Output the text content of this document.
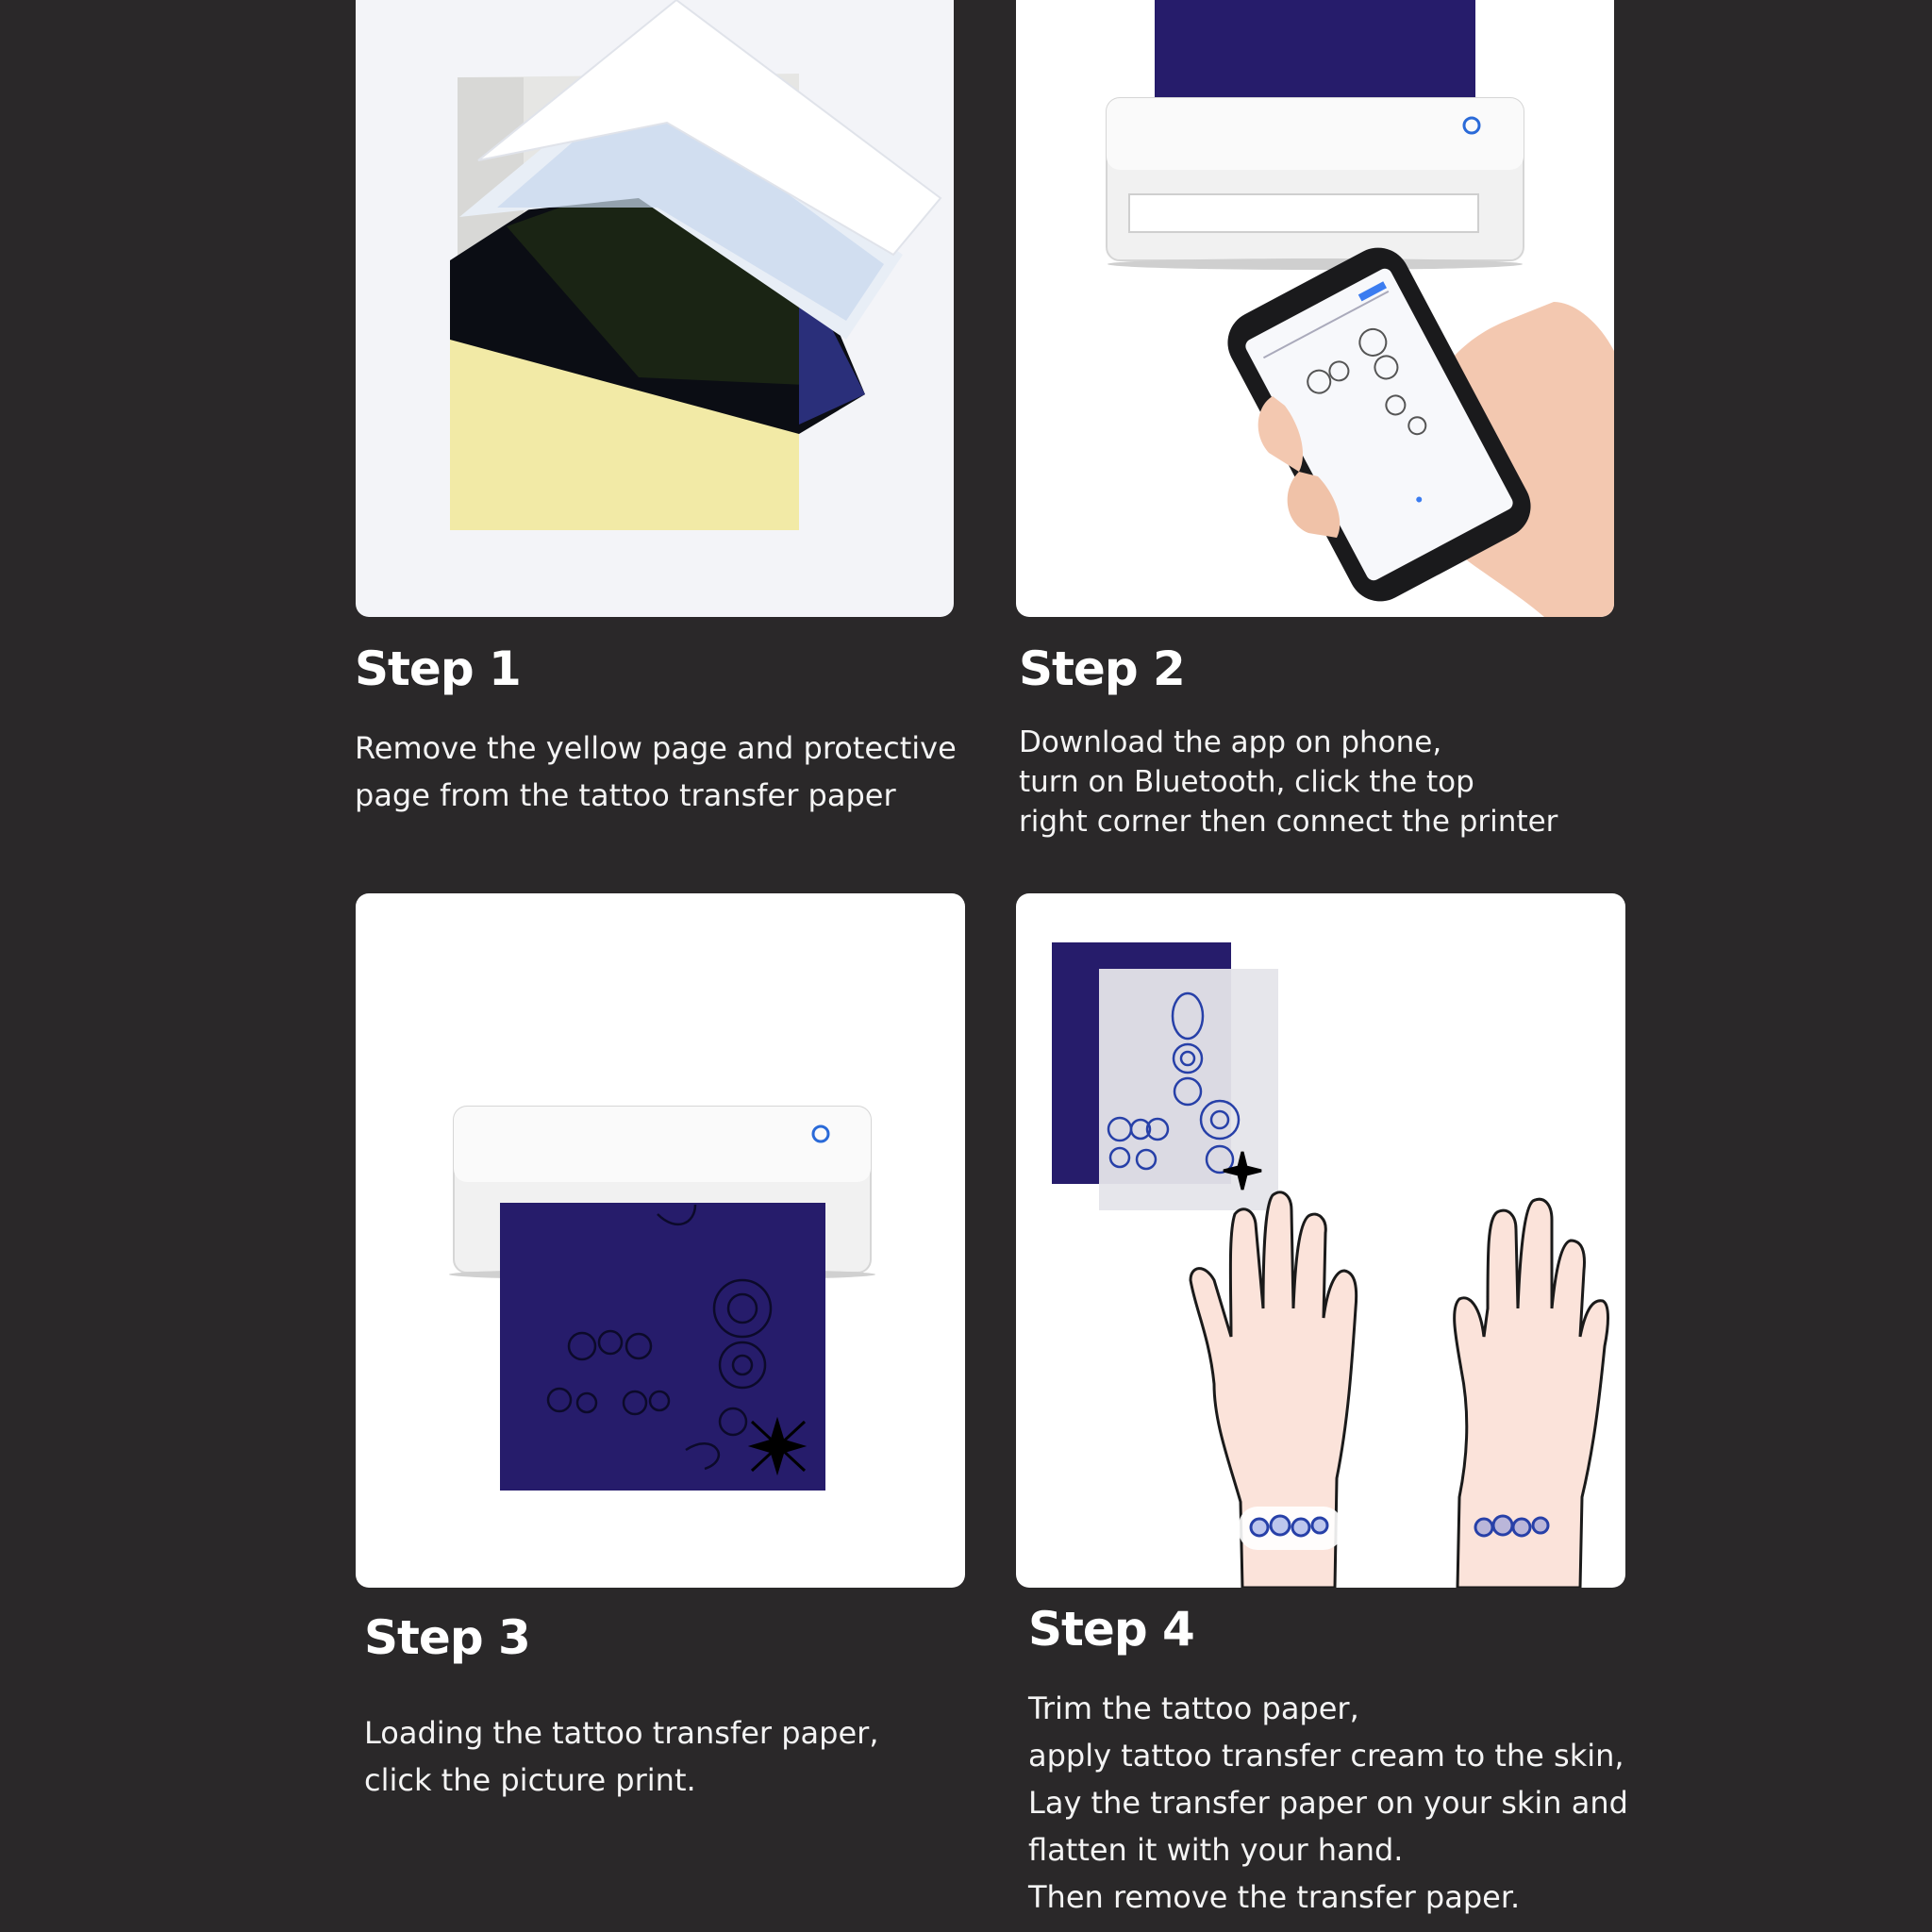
Step 1

Remove the yellow page and protective
page from the tattoo transfer paper

Step 2

Download the app on phone,
turn on Bluetooth, click the top
right corner then connect the printer

Step 3

Loading the tattoo transfer paper,
click the picture print.

Step 4

Trim the tattoo paper,
apply tattoo transfer cream to the skin,
Lay the transfer paper on your skin and
flatten it with your hand.
Then remove the transfer paper.
